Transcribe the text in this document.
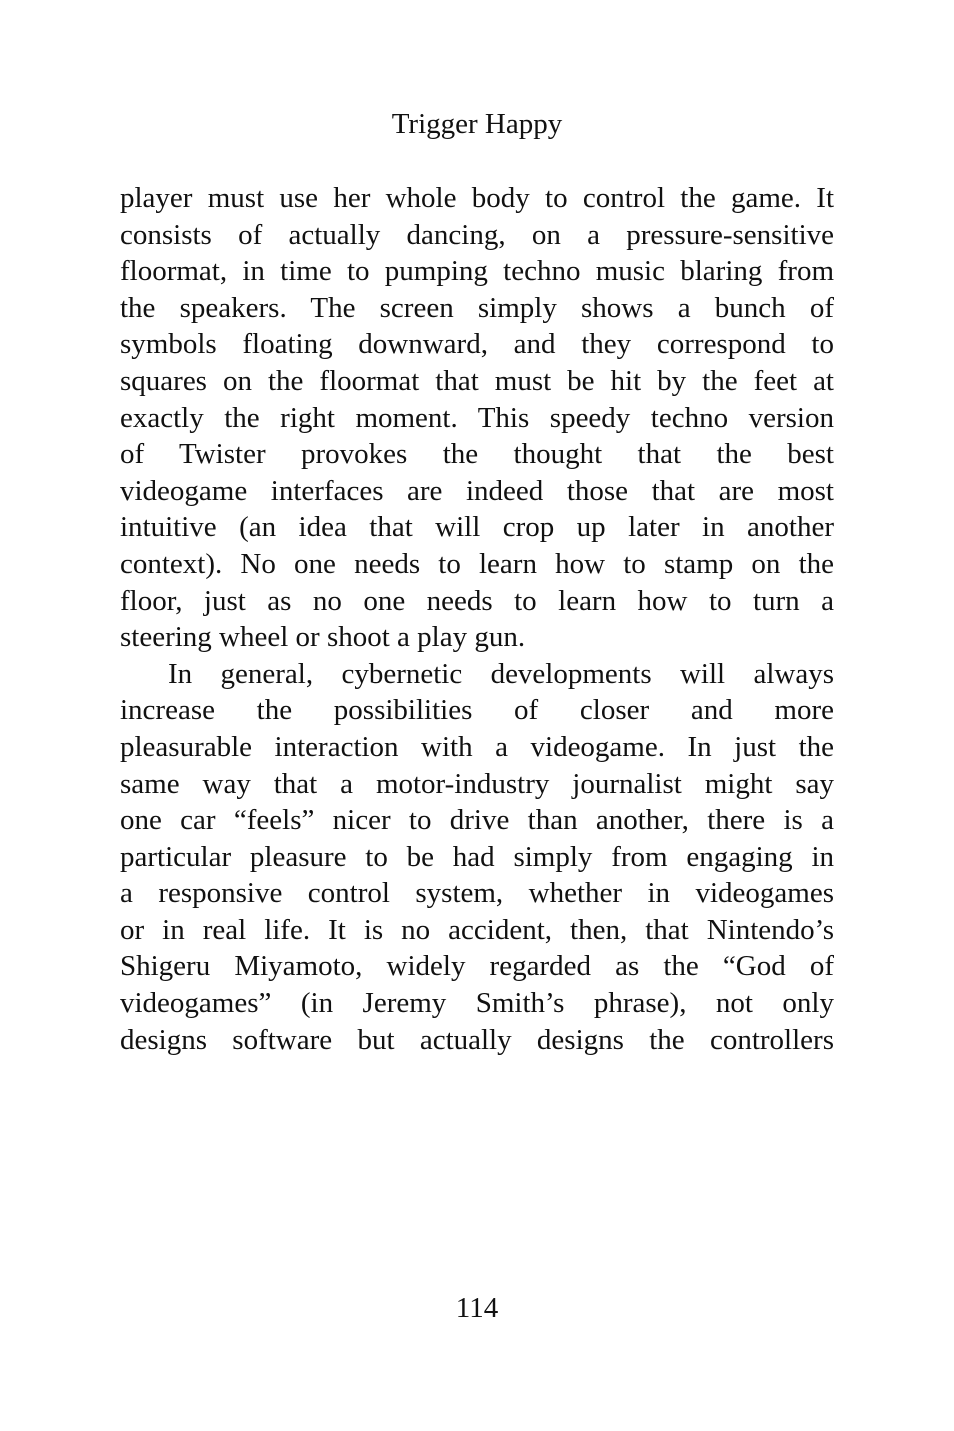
Trigger Happy
player must use her whole body to control the game. It
consists of actually dancing, on a pressure-sensitive
floormat, in time to pumping techno music blaring from
the speakers. The screen simply shows a bunch of
symbols floating downward, and they correspond to
squares on the floormat that must be hit by the feet at
exactly the right moment. This speedy techno version
of Twister provokes the thought that the best
videogame interfaces are indeed those that are most
intuitive (an idea that will crop up later in another
context). No one needs to learn how to stamp on the
floor, just as no one needs to learn how to turn a
steering wheel or shoot a play gun.
In general, cybernetic developments will always
increase the possibilities of closer and more
pleasurable interaction with a videogame. In just the
same way that a motor-industry journalist might say
one car “feels” nicer to drive than another, there is a
particular pleasure to be had simply from engaging in
a responsive control system, whether in videogames
or in real life. It is no accident, then, that Nintendo’s
Shigeru Miyamoto, widely regarded as the “God of
videogames” (in Jeremy Smith’s phrase), not only
designs software but actually designs the controllers
114
